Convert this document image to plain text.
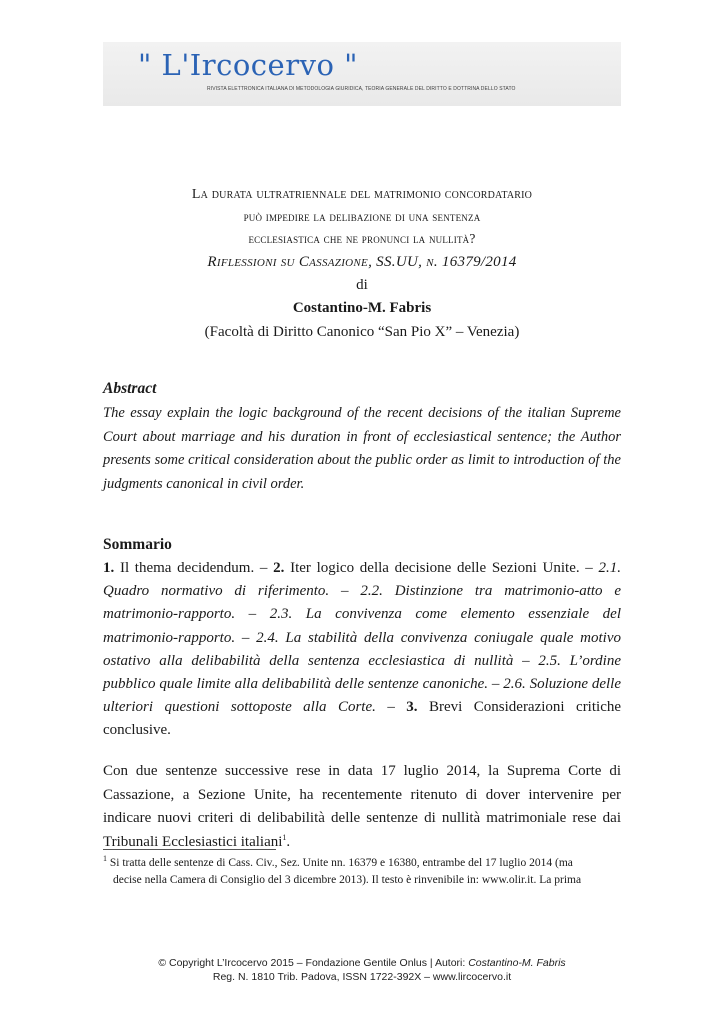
" L'Ircocervo "
RIVISTA ELETTRONICA ITALIANA DI METODOLOGIA GIURIDICA, TEORIA GENERALE DEL DIRITTO E DOTTRINA DELLO STATO
La durata ultratriennale del matrimonio concordatario
può impedire la delibazione di una sentenza
ecclesiastica che ne pronunci la nullità?
Riflessioni su Cassazione, SS.UU, n. 16379/2014
di
Costantino-M. Fabris
(Facoltà di Diritto Canonico “San Pio X” – Venezia)
Abstract
The essay explain the logic background of the recent decisions of the italian Supreme Court about marriage and his duration in front of ecclesiastical sentence; the Author presents some critical consideration about the public order as limit to introduction of the judgments canonical in civil order.
Sommario
1. Il thema decidendum. – 2. Iter logico della decisione delle Sezioni Unite. – 2.1. Quadro normativo di riferimento. – 2.2. Distinzione tra matrimonio-atto e matrimonio-rapporto. – 2.3. La convivenza come elemento essenziale del matrimonio-rapporto. – 2.4. La stabilità della convivenza coniugale quale motivo ostativo alla delibabilità della sentenza ecclesiastica di nullità – 2.5. L’ordine pubblico quale limite alla delibabilità delle sentenze canoniche. – 2.6. Soluzione delle ulteriori questioni sottoposte alla Corte. – 3. Brevi Considerazioni critiche conclusive.
Con due sentenze successive rese in data 17 luglio 2014, la Suprema Corte di Cassazione, a Sezione Unite, ha recentemente ritenuto di dover intervenire per indicare nuovi criteri di delibabilità delle sentenze di nullità matrimoniale rese dai Tribunali Ecclesiastici italiani$^1$.
$^1$ Si tratta delle sentenze di Cass. Civ., Sez. Unite nn. 16379 e 16380, entrambe del 17 luglio 2014 (ma
decise nella Camera di Consiglio del 3 dicembre 2013). Il testo è rinvenibile in: www.olir.it. La prima
© Copyright L’Ircocervo 2015 – Fondazione Gentile Onlus | Autori: Costantino-M. Fabris
Reg. N. 1810 Trib. Padova, ISSN 1722-392X – www.lircocervo.it
